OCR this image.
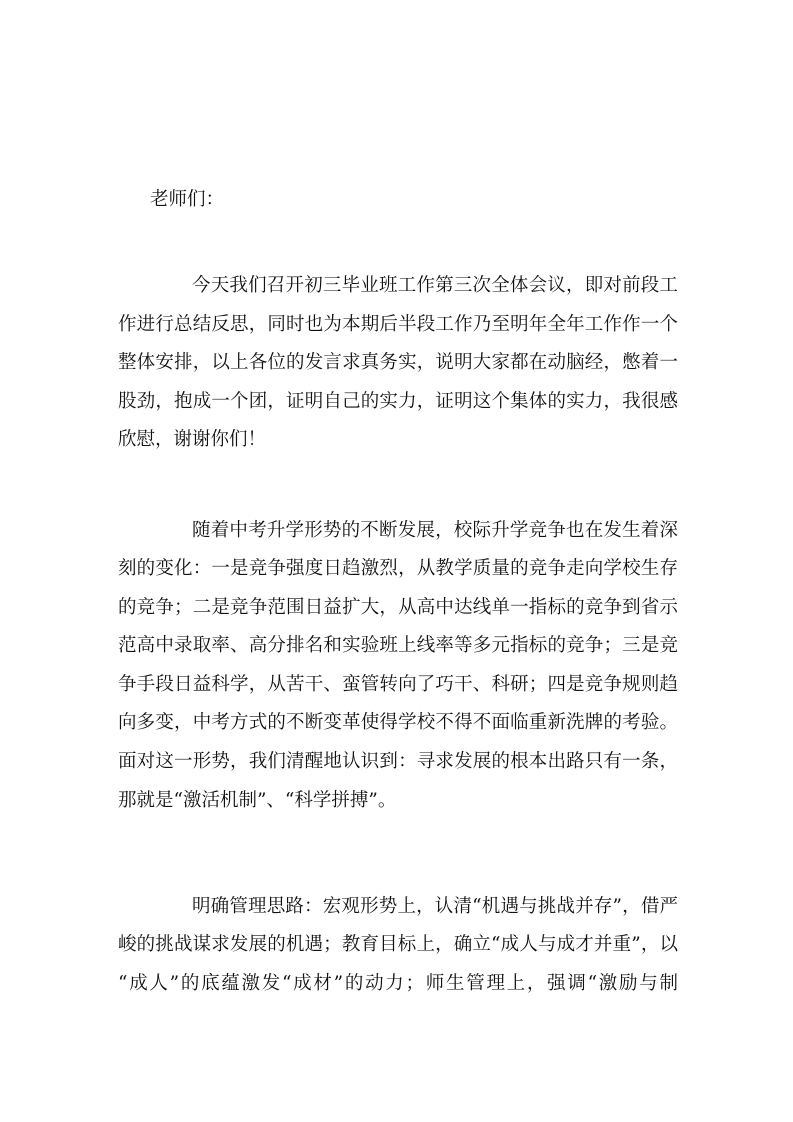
老师们：
今天我们召开初三毕业班工作第三次全体会议，即对前段工
作进行总结反思，同时也为本期后半段工作乃至明年全年工作作一个
整体安排，以上各位的发言求真务实，说明大家都在动脑经，憋着一
股劲，抱成一个团，证明自己的实力，证明这个集体的实力，我很感
欣慰，谢谢你们！
随着中考升学形势的不断发展，校际升学竞争也在发生着深
刻的变化：一是竞争强度日趋激烈，从教学质量的竞争走向学校生存
的竞争；二是竞争范围日益扩大，从高中达线单一指标的竞争到省示
范高中录取率、高分排名和实验班上线率等多元指标的竞争；三是竞
争手段日益科学，从苦干、蛮管转向了巧干、科研；四是竞争规则趋
向多变，中考方式的不断变革使得学校不得不面临重新洗牌的考验。
面对这一形势，我们清醒地认识到：寻求发展的根本出路只有一条，
那就是“激活机制”、“科学拼搏”。
明确管理思路：宏观形势上，认清“机遇与挑战并存”，借严
峻的挑战谋求发展的机遇；教育目标上，确立“成人与成才并重”，以
“成人”的底蕴激发“成材”的动力；师生管理上，强调“激励与制
